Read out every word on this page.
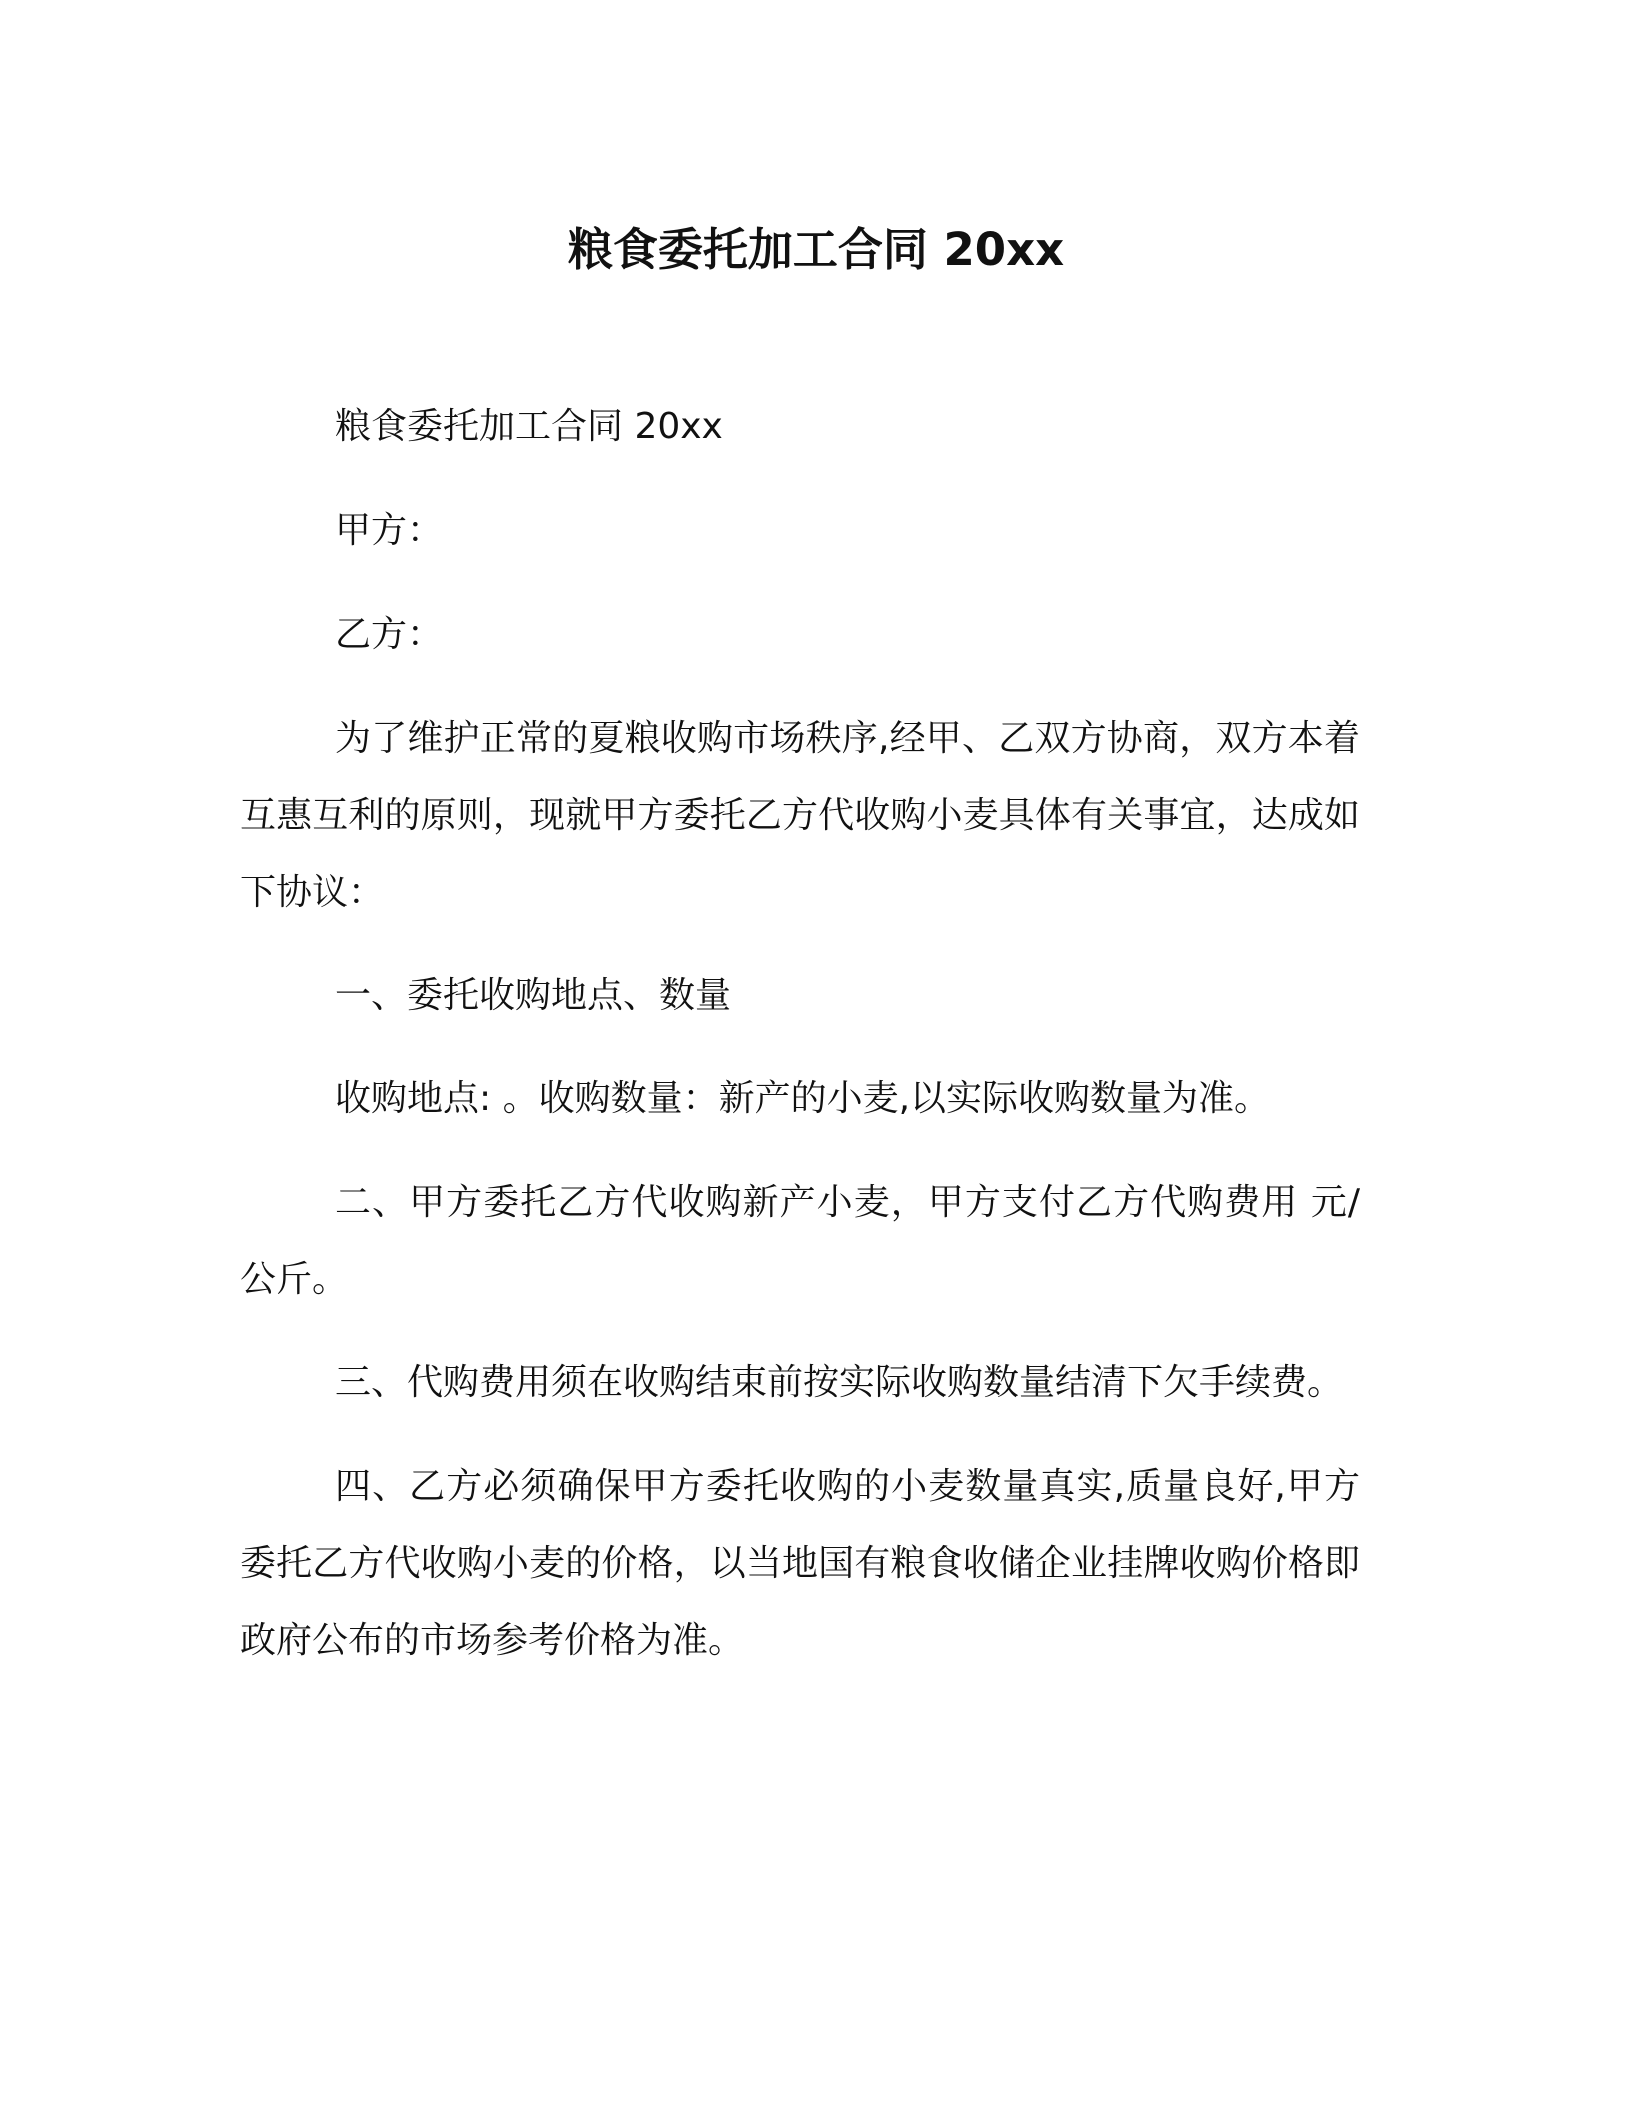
粮食委托加工合同 20xx

粮食委托加工合同 20xx

甲方：

乙方：

为了维护正常的夏粮收购市场秩序,经甲、乙双方协商，双方本着互惠互利的原则，现就甲方委托乙方代收购小麦具体有关事宜，达成如下协议：

一、委托收购地点、数量

收购地点: 。收购数量：新产的小麦,以实际收购数量为准。

二、甲方委托乙方代收购新产小麦，甲方支付乙方代购费用 元/公斤。

三、代购费用须在收购结束前按实际收购数量结清下欠手续费。

四、乙方必须确保甲方委托收购的小麦数量真实,质量良好,甲方委托乙方代收购小麦的价格，以当地国有粮食收储企业挂牌收购价格即政府公布的市场参考价格为准。
